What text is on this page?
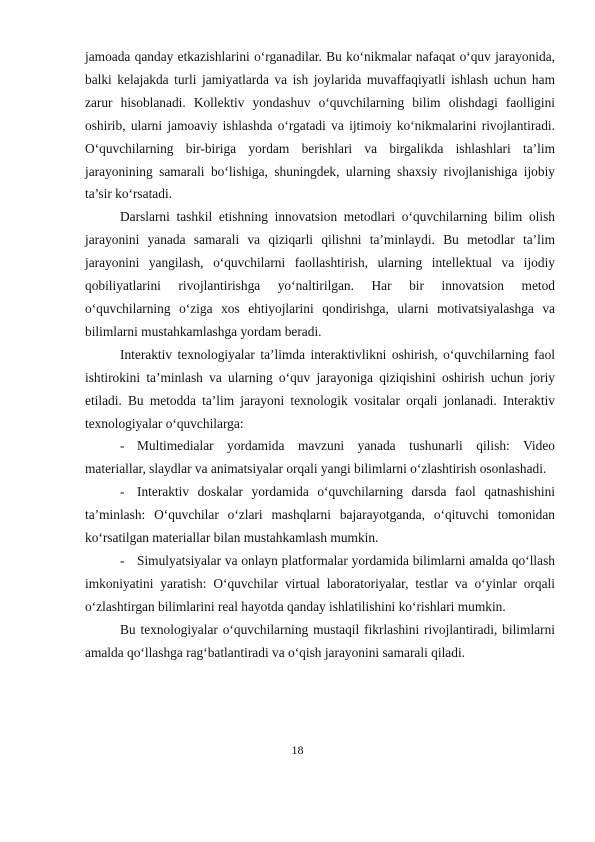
jamoada qanday etkazishlarini o‘rganadilar. Bu ko‘nikmalar nafaqat o‘quv jarayonida, balki kelajakda turli jamiyatlarda va ish joylarida muvaffaqiyatli ishlash uchun ham zarur hisoblanadi. Kollektiv yondashuv o‘quvchilarning bilim olishdagi faolligini oshirib, ularni jamoaviy ishlashda o‘rgatadi va ijtimoiy ko‘nikmalarini rivojlantiradi. O‘quvchilarning bir-biriga yordam berishlari va birgalikda ishlashlari ta’lim jarayonining samarali bo‘lishiga, shuningdek, ularning shaxsiy rivojlanishiga ijobiy ta’sir ko‘rsatadi.

Darslarni tashkil etishning innovatsion metodlari o‘quvchilarning bilim olish jarayonini yanada samarali va qiziqarli qilishni ta’minlaydi. Bu metodlar ta’lim jarayonini yangilash, o‘quvchilarni faollashtirish, ularning intellektual va ijodiy qobiliyatlarini rivojlantirishga yo‘naltirilgan. Har bir innovatsion metod o‘quvchilarning o‘ziga xos ehtiyojlarini qondirishga, ularni motivatsiyalashga va bilimlarni mustahkamlashga yordam beradi.

Interaktiv texnologiyalar ta’limda interaktivlikni oshirish, o‘quvchilarning faol ishtirokini ta’minlash va ularning o‘quv jarayoniga qiziqishini oshirish uchun joriy etiladi. Bu metodda ta’lim jarayoni texnologik vositalar orqali jonlanadi. Interaktiv texnologiyalar o‘quvchilarga:

- Multimedialar yordamida mavzuni yanada tushunarli qilish: Video materiallar, slaydlar va animatsiyalar orqali yangi bilimlarni o‘zlashtirish osonlashadi.

- Interaktiv doskalar yordamida o‘quvchilarning darsda faol qatnashishini ta’minlash: O‘quvchilar o‘zlari mashqlarni bajarayotganda, o‘qituvchi tomonidan ko‘rsatilgan materiallar bilan mustahkamlash mumkin.

- Simulyatsiyalar va onlayn platformalar yordamida bilimlarni amalda qo‘llash imkoniyatini yaratish: O‘quvchilar virtual laboratoriyalar, testlar va o‘yinlar orqali o‘zlashtirgan bilimlarini real hayotda qanday ishlatilishini ko‘rishlari mumkin.

Bu texnologiyalar o‘quvchilarning mustaqil fikrlashini rivojlantiradi, bilimlarni amalda qo‘llashga rag‘batlantiradi va o‘qish jarayonini samarali qiladi.

18
